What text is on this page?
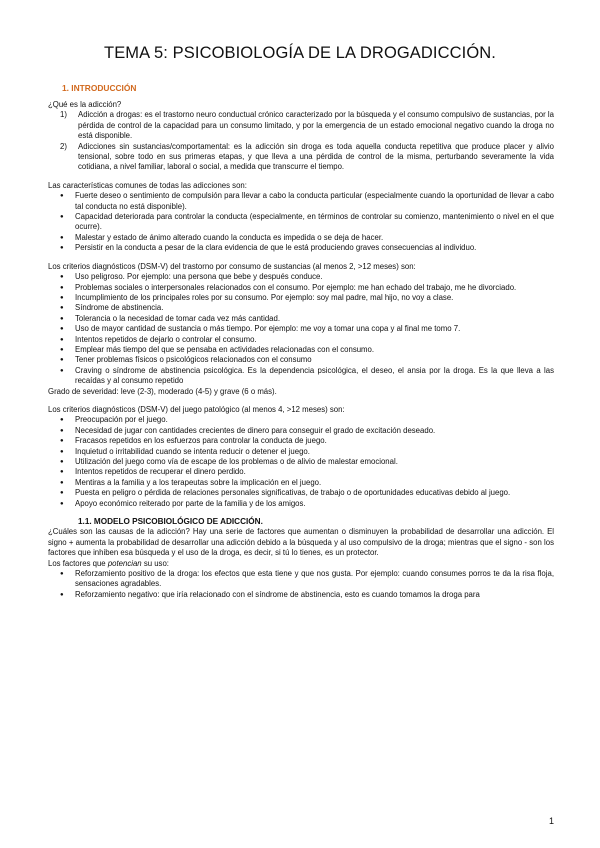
TEMA 5: PSICOBIOLOGÍA DE LA DROGADICCIÓN.
1. INTRODUCCIÓN

¿Qué es la adicción?

1) Adicción a drogas: es el trastorno neuro conductual crónico caracterizado por la búsqueda y el consumo compulsivo de sustancias, por la pérdida de control de la capacidad para un consumo limitado, y por la emergencia de un estado emocional negativo cuando la droga no está disponible.
2) Adicciones sin sustancias/comportamental: es la adicción sin droga es toda aquella conducta repetitiva que produce placer y alivio tensional, sobre todo en sus primeras etapas, y que lleva a una pérdida de control de la misma, perturbando severamente la vida cotidiana, a nivel familiar, laboral o social, a medida que transcurre el tiempo.

Las características comunes de todas las adicciones son:

● Fuerte deseo o sentimiento de compulsión para llevar a cabo la conducta particular (especialmente cuando la oportunidad de llevar a cabo tal conducta no está disponible).
● Capacidad deteriorada para controlar la conducta (especialmente, en términos de controlar su comienzo, mantenimiento o nivel en el que ocurre).
● Malestar y estado de ánimo alterado cuando la conducta es impedida o se deja de hacer.
● Persistir en la conducta a pesar de la clara evidencia de que le está produciendo graves consecuencias al individuo.

Los criterios diagnósticos (DSM-V) del trastorno por consumo de sustancias (al menos 2, >12 meses) son:

● Uso peligroso. Por ejemplo: una persona que bebe y después conduce.
● Problemas sociales o interpersonales relacionados con el consumo. Por ejemplo: me han echado del trabajo, me he divorciado.
● Incumplimiento de los principales roles por su consumo. Por ejemplo: soy mal padre, mal hijo, no voy a clase.
● Síndrome de abstinencia.
● Tolerancia o la necesidad de tomar cada vez más cantidad.
● Uso de mayor cantidad de sustancia o más tiempo. Por ejemplo: me voy a tomar una copa y al final me tomo 7.
● Intentos repetidos de dejarlo o controlar el consumo.
● Emplear más tiempo del que se pensaba en actividades relacionadas con el consumo.
● Tener problemas físicos o psicológicos relacionados con el consumo
● Craving o síndrome de abstinencia psicológica. Es la dependencia psicológica, el deseo, el ansia por la droga. Es la que lleva a las recaídas y al consumo repetido

Grado de severidad: leve (2-3), moderado (4-5) y grave (6 o más).

Los criterios diagnósticos (DSM-V) del juego patológico (al menos 4, >12 meses) son:

● Preocupación por el juego.
● Necesidad de jugar con cantidades crecientes de dinero para conseguir el grado de excitación deseado.
● Fracasos repetidos en los esfuerzos para controlar la conducta de juego.
● Inquietud o irritabilidad cuando se intenta reducir o detener el juego.
● Utilización del juego como vía de escape de los problemas o de alivio de malestar emocional.
● Intentos repetidos de recuperar el dinero perdido.
● Mentiras a la familia y a los terapeutas sobre la implicación en el juego.
● Puesta en peligro o pérdida de relaciones personales significativas, de trabajo o de oportunidades educativas debido al juego.
● Apoyo económico reiterado por parte de la familia y de los amigos.

1.1. MODELO PSICOBIOLÓGICO DE ADICCIÓN.

¿Cuáles son las causas de la adicción? Hay una serie de factores que aumentan o disminuyen la probabilidad de desarrollar una adicción. El signo + aumenta la probabilidad de desarrollar una adicción debido a la búsqueda y al uso compulsivo de la droga; mientras que el signo - son los factores que inhiben esa búsqueda y el uso de la droga, es decir, si tú lo tienes, es un protector.

Los factores que potencian su uso:

● Reforzamiento positivo de la droga: los efectos que esta tiene y que nos gusta. Por ejemplo: cuando consumes porros te da la risa floja, sensaciones agradables.
● Reforzamiento negativo: que iría relacionado con el síndrome de abstinencia, esto es cuando tomamos la droga para
1
